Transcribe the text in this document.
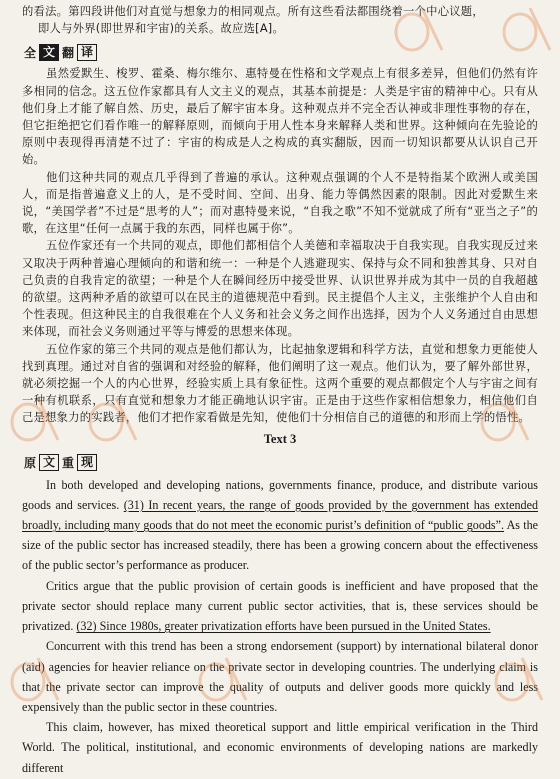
的看法。第四段讲他们对直觉与想象力的相同观点。所有这些看法都围绕着一个中心议题，
即人与外界(即世界和宇宙)的关系。故应选[A]。

全 文 翻 译

虽然爱默生、梭罗、霍桑、梅尔维尔、惠特曼在性格和文学观点上有很多差异，但他们仍然有许多相同的信念。这五位作家都具有人文主义的观点，其基本前提是：人类是宇宙的精神中心。只有从他们身上才能了解自然、历史，最后了解宇宙本身。这种观点并不完全否认神或非理性事物的存在，但它拒绝把它们看作唯一的解释原则，而倾向于用人性本身来解释人类和世界。这种倾向在先验论的原则中表现得再清楚不过了：宇宙的构成是人之构成的真实翻版，因而一切知识都要从认识自己开始。

他们这种共同的观点几乎得到了普遍的承认。这种观点强调的个人不是特指某个欧洲人或美国人，而是指普遍意义上的人，是不受时间、空间、出身、能力等偶然因素的限制。因此对爱默生来说，“美国学者”不过是“思考的人”；而对惠特曼来说，“自我之歌”不知不觉就成了所有“亚当之子”的歌，在这里“任何一点属于我的东西，同样也属于你”。

五位作家还有一个共同的观点，即他们都相信个人美德和幸福取决于自我实现。自我实现反过来又取决于两种普遍心理倾向的和谐和统一：一种是个人逃避现实、保持与众不同和独善其身、只对自己负责的自我肯定的欲望；一种是个人在瞬间经历中接受世界、认识世界并成为其中一员的自我超越的欲望。这两种矛盾的欲望可以在民主的道德规范中看到。民主提倡个人主义，主张维护个人自由和个性表现。但这种民主的自我很难在个人义务和社会义务之间作出选择，因为个人义务通过自由思想来体现，而社会义务则通过平等与博爱的思想来体现。

五位作家的第三个共同的观点是他们都认为，比起抽象逻辑和科学方法，直觉和想象力更能使人找到真理。通过对自省的强调和对经验的解释，他们阐明了这一观点。他们认为，要了解外部世界，就必须挖掘一个人的内心世界，经验实质上具有象征性。这两个重要的观点都假定个人与宇宙之间有一种有机联系，只有直觉和想象力才能正确地认识宇宙。正是由于这些作家相信想象力，相信他们自己是想象力的实践者，他们才把作家看做是先知，使他们十分相信自己的道德的和形而上学的悟性。

Text 3

原 文 重 现

In both developed and developing nations, governments finance, produce, and distribute various goods and services. (31) In recent years, the range of goods provided by the government has extended broadly, including many goods that do not meet the economic purist’s definition of “public goods”. As the size of the public sector has increased steadily, there has been a growing concern about the effectiveness of the public sector’s performance as producer.

Critics argue that the public provision of certain goods is inefficient and have proposed that the private sector should replace many current public sector activities, that is, these services should be privatized. (32) Since 1980s, greater privatization efforts have been pursued in the United States.

Concurrent with this trend has been a strong endorsement (support) by international bilateral donor (aid) agencies for heavier reliance on the private sector in developing countries. The underlying claim is that the private sector can improve the quality of outputs and deliver goods more quickly and less expensively than the public sector in these countries.

This claim, however, has mixed theoretical support and little empirical verification in the Third World. The political, institutional, and economic environments of developing nations are markedly different
